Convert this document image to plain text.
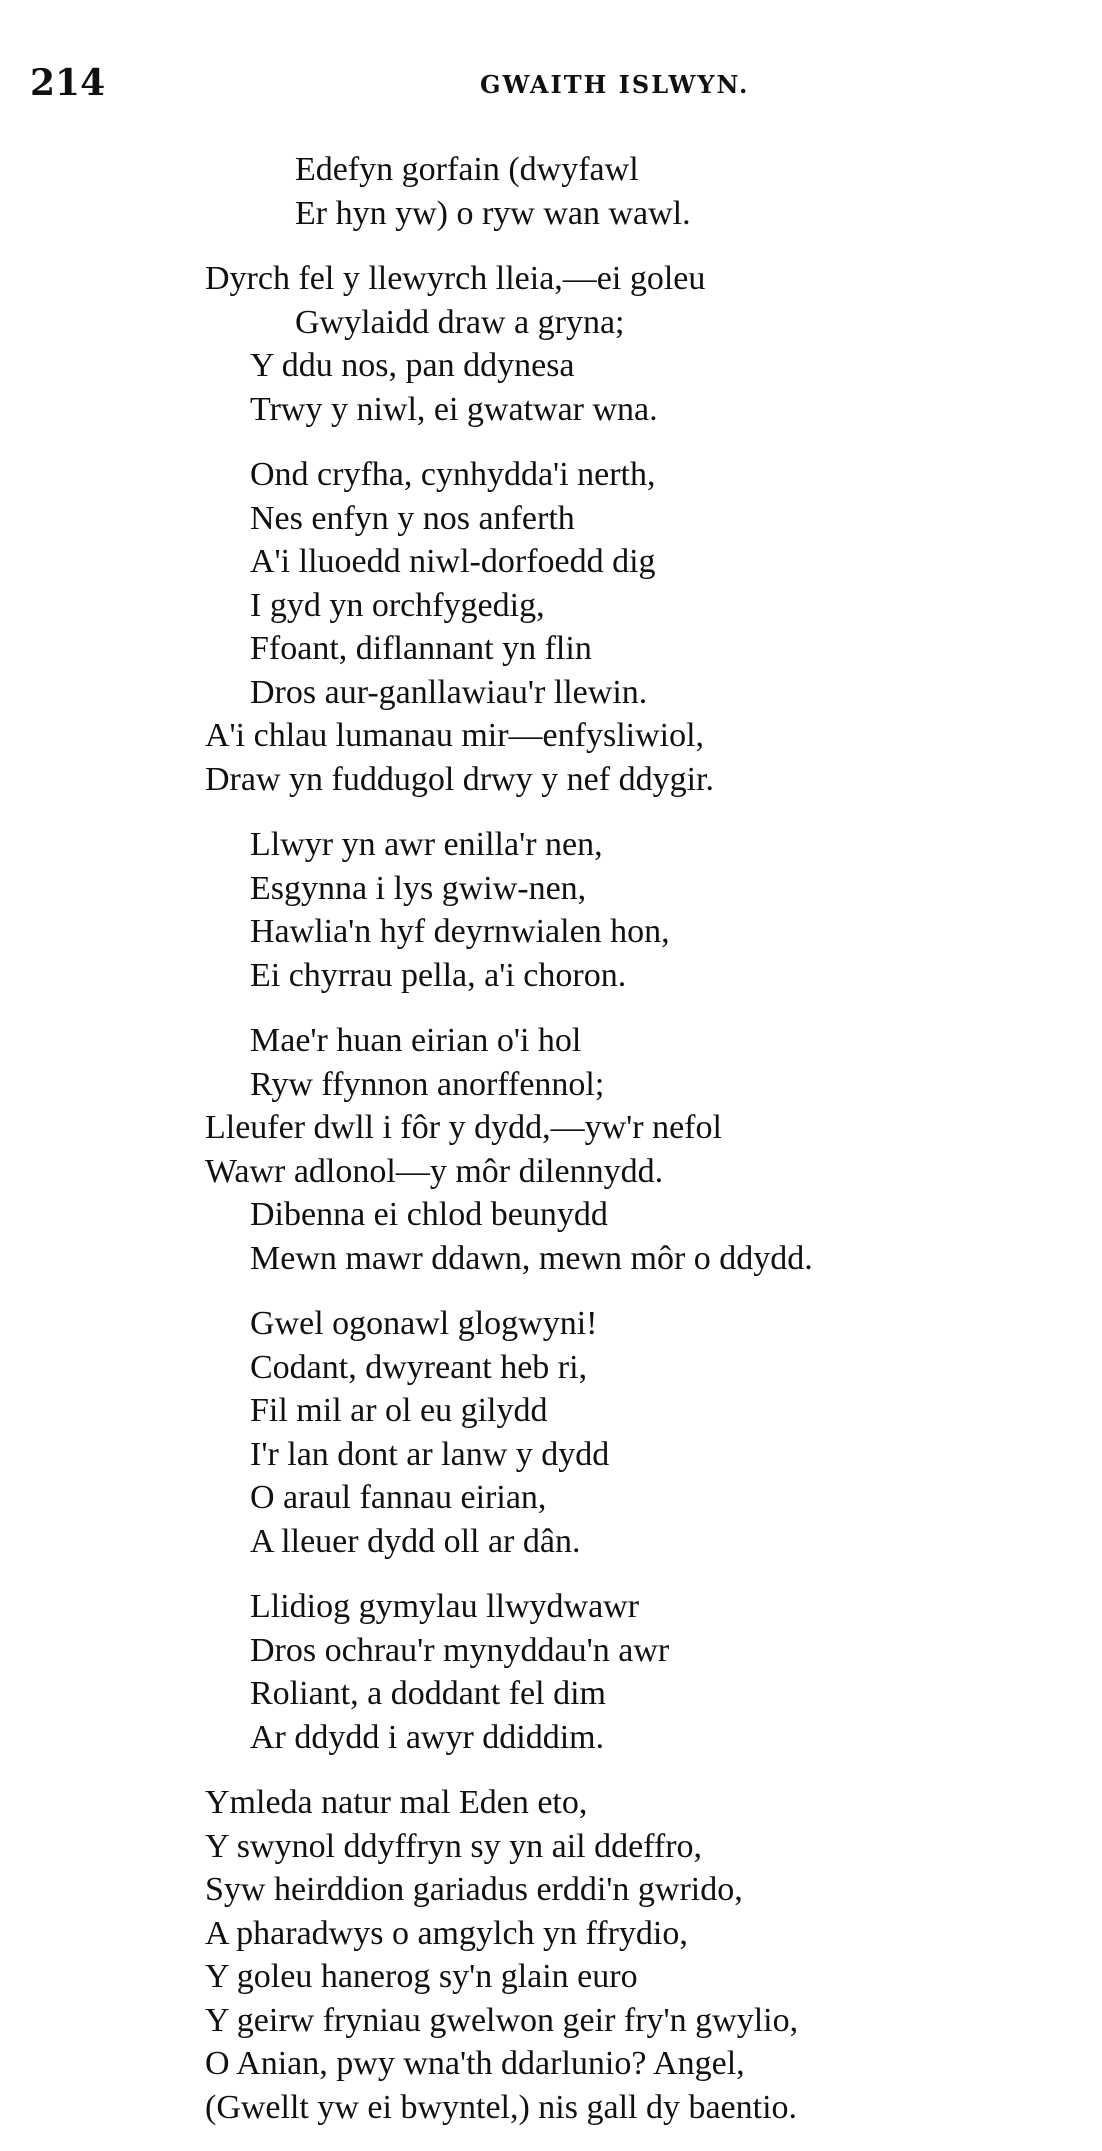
214	GWAITH ISLWYN.
Edefyn gorfain (dwyfawl
Er hyn yw) o ryw wan wawl.
Dyrch fel y llewyrch lleia,—ei goleu
Gwylaidd draw a gryna;
Y ddu nos, pan ddynesa
Trwy y niwl, ei gwatwar wna.
Ond cryfha, cynhydda'i nerth,
Nes enfyn y nos anferth
A'i lluoedd niwl-dorfoedd dig
I gyd yn orchfygedig,
Ffoant, diflannant yn flin
Dros aur-ganllawiau'r llewin.
A'i chlau lumanau mir—enfysliwiol,
Draw yn fuddugol drwy y nef ddygir.
Llwyr yn awr enilla'r nen,
Esgynna i lys gwiw-nen,
Hawlia'n hyf deyrnwialen hon,
Ei chyrrau pella, a'i choron.
Mae'r huan eirian o'i hol
Ryw ffynnon anorffennol;
Lleufer dwll i fôr y dydd,—yw'r nefol
Wawr adlonol—y môr dilennydd.
Dibenna ei chlod beunydd
Mewn mawr ddawn, mewn môr o ddydd.
Gwel ogonawl glogwyni!
Codant, dwyreant heb ri,
Fil mil ar ol eu gilydd
I'r lan dont ar lanw y dydd
O araul fannau eirian,
A lleuer dydd oll ar dân.
Llidiog gymylau llwydwawr
Dros ochrau'r mynyddau'n awr
Roliant, a doddant fel dim
Ar ddydd i awyr ddiddim.
Ymleda natur mal Eden eto,
Y swynol ddyffryn sy yn ail ddeffro,
Syw heirddion gariadus erddi'n gwrido,
A pharadwys o amgylch yn ffrydio,
Y goleu hanerog sy'n glain euro
Y geirw fryniau gwelwon geir fry'n gwylio,
O Anian, pwy wna'th ddarlunio? Angel,
(Gwellt yw ei bwyntel,) nis gall dy baentio.
